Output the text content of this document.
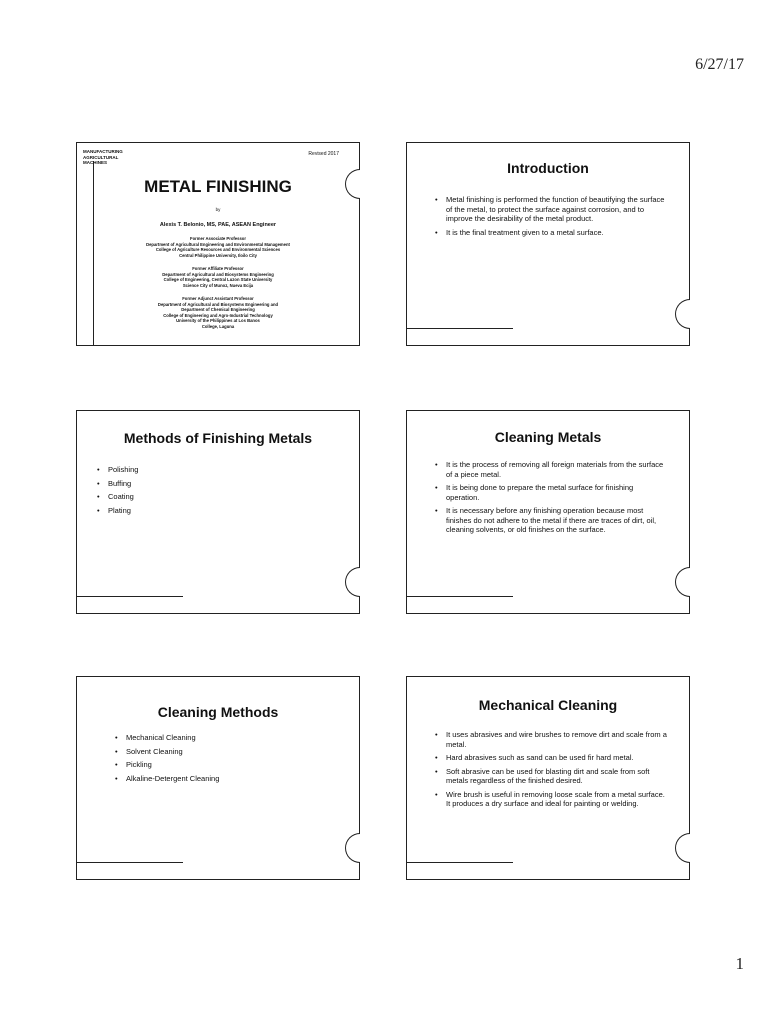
6/27/17
MANUFACTURING
AGRICULTURAL
MACHINES
Revised 2017
METAL FINISHING
by
Alexis T. Belonio, MS, PAE, ASEAN Engineer
Former Associate Professor
Department of Agricultural Engineering and Environmental Management
College of Agriculture Resources and Environmental Sciences
Central Philippine University, Iloilo City
Former Affiliate Professor
Department of Agricultural and Biosystems Engineering
College of Engineering, Central Luzon State University
Science City of Munoz, Nueva Ecija
Former Adjunct Assistant Professor
Department of Agricultural and Biosystems Engineering and
Department of Chemical Engineering
College of Engineering and Agro-Industrial Technology
University of the Philippines at Los Banos
College, Laguna
Introduction
• Metal finishing is performed the function of beautifying the surface of the metal, to protect the surface against corrosion, and to improve the desirability of the metal product.
• It is the final treatment given to a metal surface.
Methods of Finishing Metals
• Polishing
• Buffing
• Coating
• Plating
Cleaning Metals
• It is the process of removing all foreign materials from the surface of a piece metal.
• It is being done to prepare the metal surface for finishing operation.
• It is necessary before any finishing operation because most finishes do not adhere to the metal if there are traces of dirt, oil, cleaning solvents, or old finishes on the surface.
Cleaning Methods
• Mechanical Cleaning
• Solvent Cleaning
• Pickling
• Alkaline-Detergent Cleaning
Mechanical Cleaning
• It uses abrasives and wire brushes to remove dirt and scale from a metal.
• Hard abrasives such as sand can be used fir hard metal.
• Soft abrasive can be used for blasting dirt and scale from soft metals regardless of the finished desired.
• Wire brush is useful in removing loose scale from a metal surface. It produces a dry surface and ideal for painting or welding.
1
